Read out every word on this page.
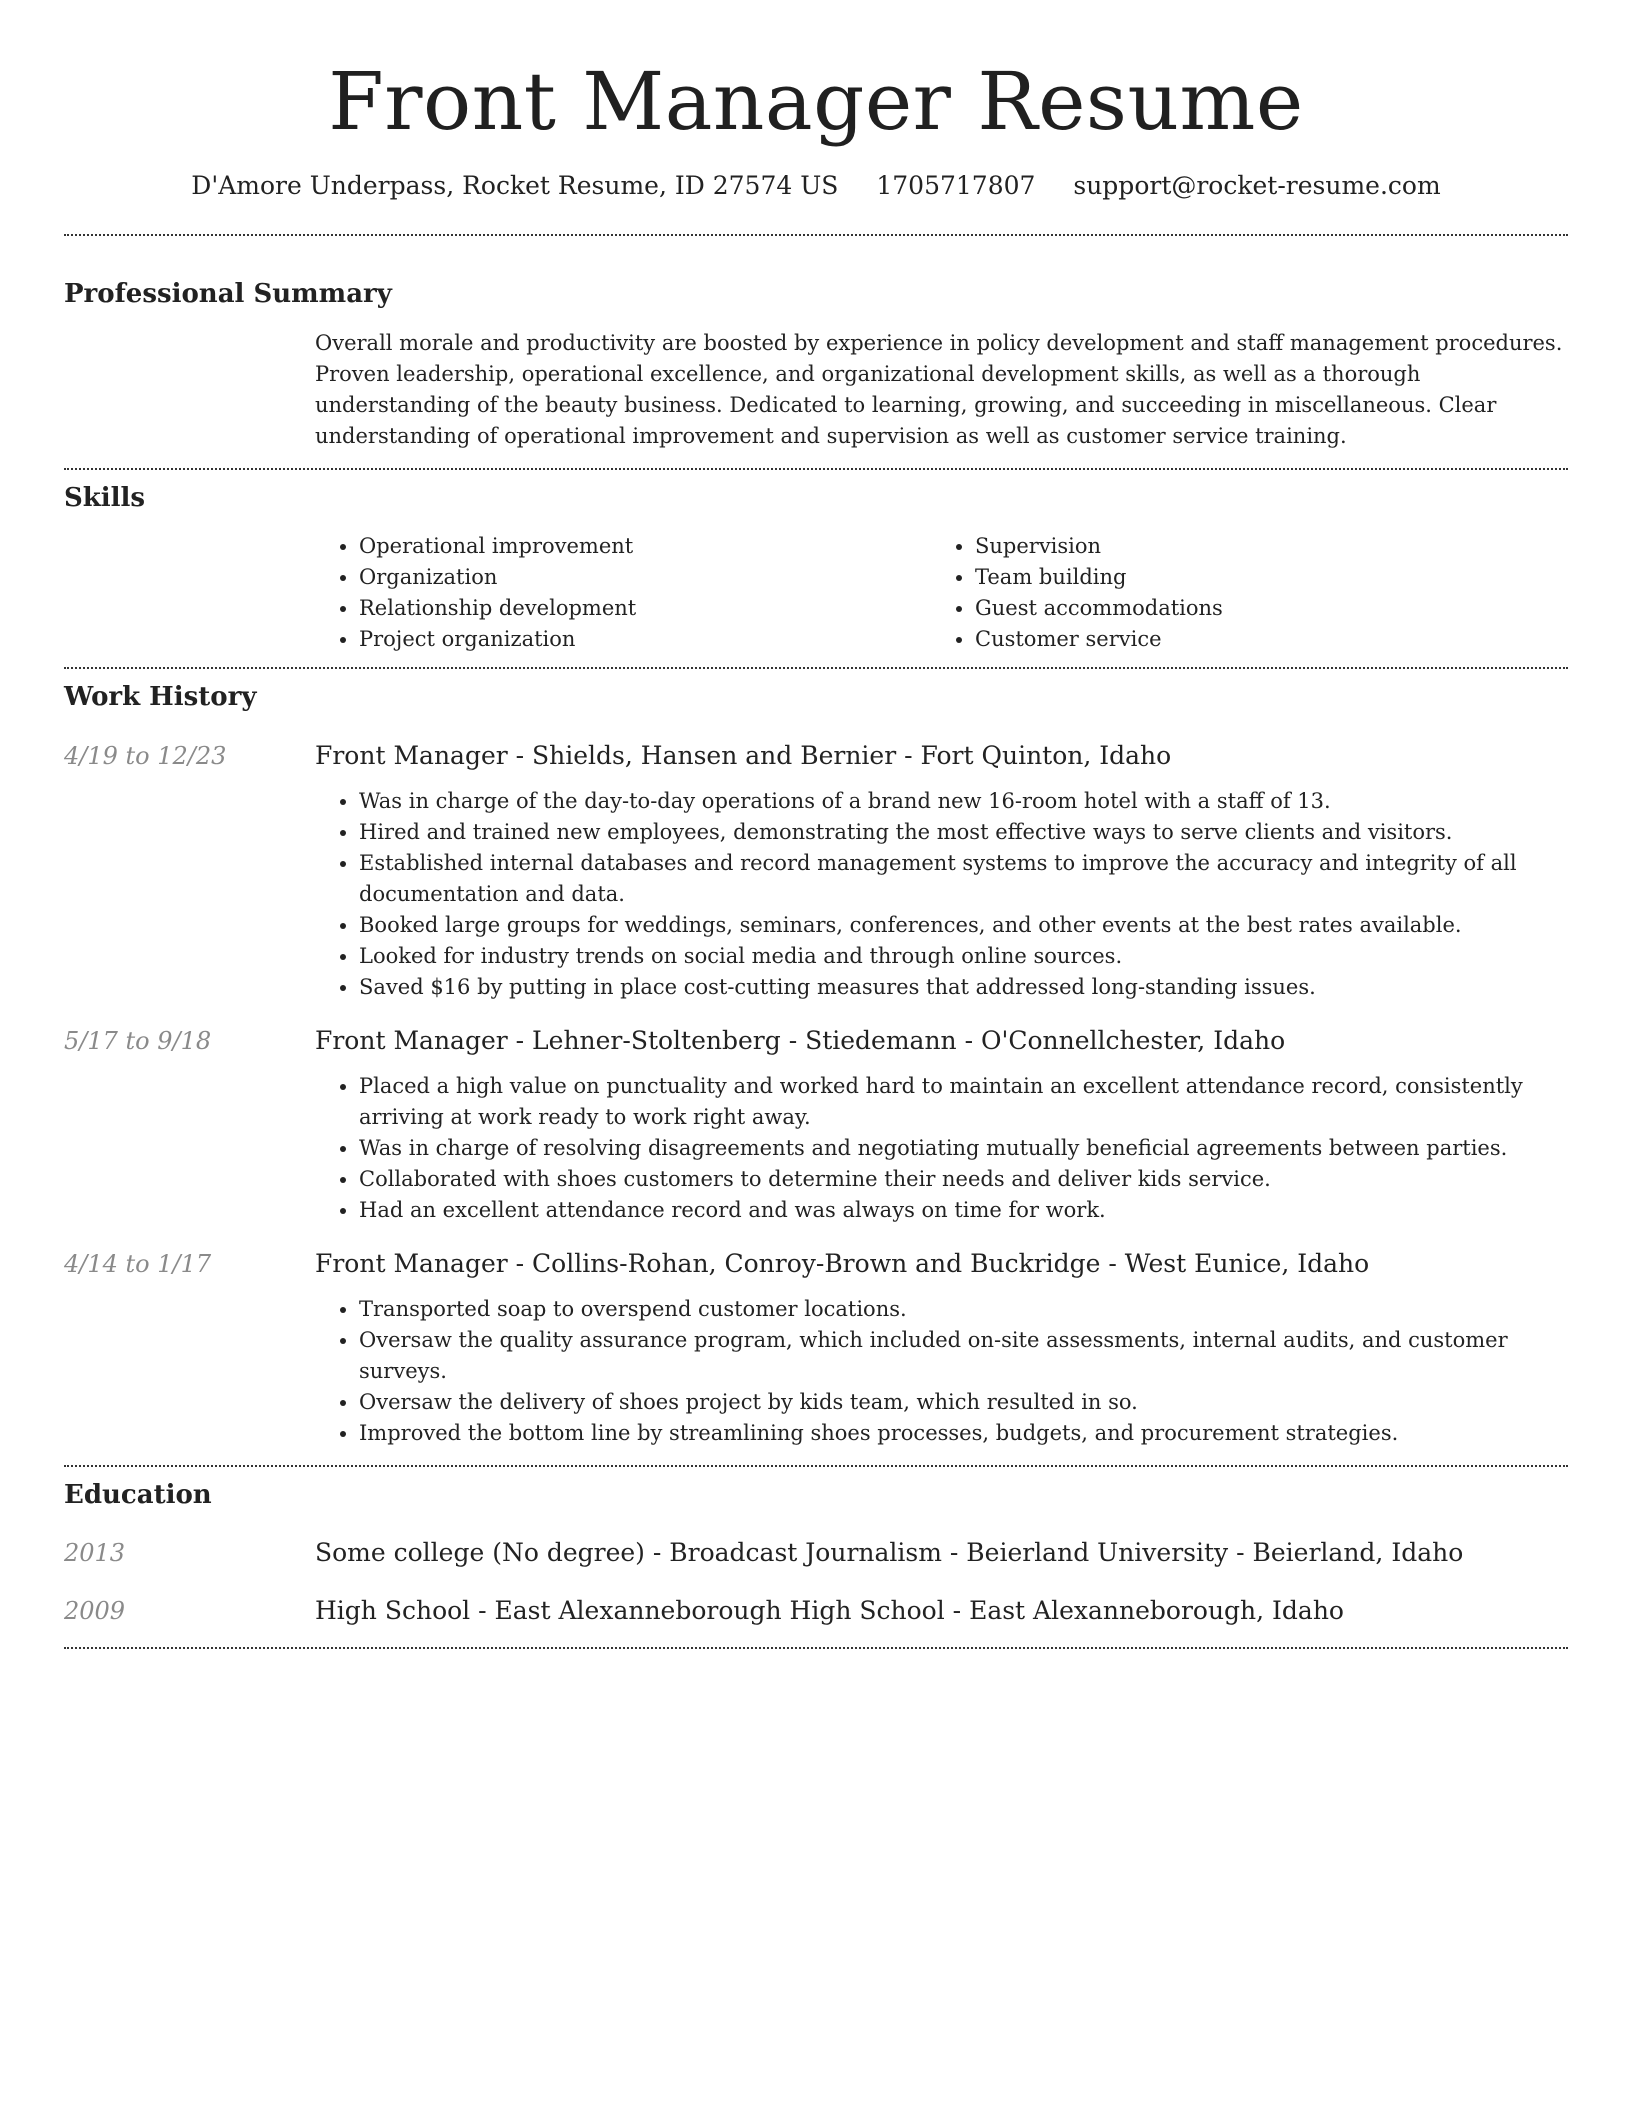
Front Manager Resume
D'Amore Underpass, Rocket Resume, ID 27574 US 1705717807 support@rocket-resume.com
Professional Summary
Overall morale and productivity are boosted by experience in policy development and staff management procedures. Proven leadership, operational excellence, and organizational development skills, as well as a thorough understanding of the beauty business. Dedicated to learning, growing, and succeeding in miscellaneous. Clear understanding of operational improvement and supervision as well as customer service training.
Skills
• Operational improvement
• Organization
• Relationship development
• Project organization
• Supervision
• Team building
• Guest accommodations
• Customer service
Work History
4/19 to 12/23	Front Manager - Shields, Hansen and Bernier - Fort Quinton, Idaho
• Was in charge of the day-to-day operations of a brand new 16-room hotel with a staff of 13.
• Hired and trained new employees, demonstrating the most effective ways to serve clients and visitors.
• Established internal databases and record management systems to improve the accuracy and integrity of all documentation and data.
• Booked large groups for weddings, seminars, conferences, and other events at the best rates available.
• Looked for industry trends on social media and through online sources.
• Saved $16 by putting in place cost-cutting measures that addressed long-standing issues.
5/17 to 9/18	Front Manager - Lehner-Stoltenberg - Stiedemann - O'Connellchester, Idaho
• Placed a high value on punctuality and worked hard to maintain an excellent attendance record, consistently arriving at work ready to work right away.
• Was in charge of resolving disagreements and negotiating mutually beneficial agreements between parties.
• Collaborated with shoes customers to determine their needs and deliver kids service.
• Had an excellent attendance record and was always on time for work.
4/14 to 1/17	Front Manager - Collins-Rohan, Conroy-Brown and Buckridge - West Eunice, Idaho
• Transported soap to overspend customer locations.
• Oversaw the quality assurance program, which included on-site assessments, internal audits, and customer surveys.
• Oversaw the delivery of shoes project by kids team, which resulted in so.
• Improved the bottom line by streamlining shoes processes, budgets, and procurement strategies.
Education
2013	Some college (No degree) - Broadcast Journalism - Beierland University - Beierland, Idaho
2009	High School - East Alexanneborough High School - East Alexanneborough, Idaho
